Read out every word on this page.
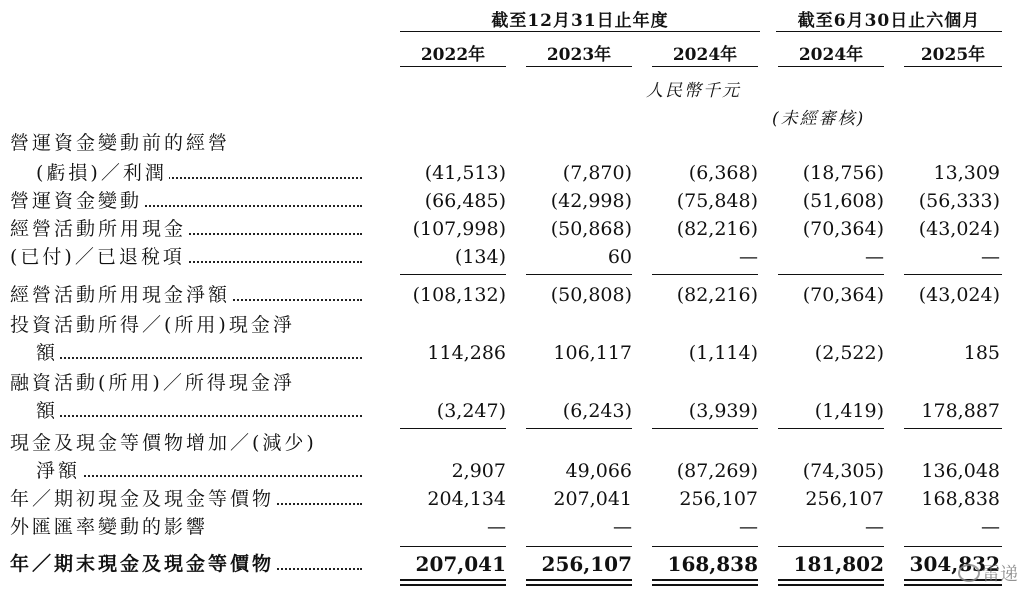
截至12月31日止年度	截至6月30日止六個月
2022年	2023年	2024年	2024年	2025年
人民幣千元
(未經審核)
營運資金變動前的經營
(虧損)／利潤	(41,513)	(7,870)	(6,368)	(18,756)	13,309
營運資金變動	(66,485)	(42,998)	(75,848)	(51,608)	(56,333)
經營活動所用現金	(107,998)	(50,868)	(82,216)	(70,364)	(43,024)
(已付)／已退稅項	(134)	60	—	—	—
經營活動所用現金淨額	(108,132)	(50,808)	(82,216)	(70,364)	(43,024)
投資活動所得／(所用)現金淨
額	114,286	106,117	(1,114)	(2,522)	185
融資活動(所用)／所得現金淨
額	(3,247)	(6,243)	(3,939)	(1,419)	178,887
現金及現金等價物增加／(減少)
淨額	2,907	49,066	(87,269)	(74,305)	136,048
年／期初現金及現金等價物	204,134	207,041	256,107	256,107	168,838
外匯匯率變動的影響	—	—	—	—	—
年／期末現金及現金等價物	207,041	256,107	168,838	181,802	304,832
雷递
